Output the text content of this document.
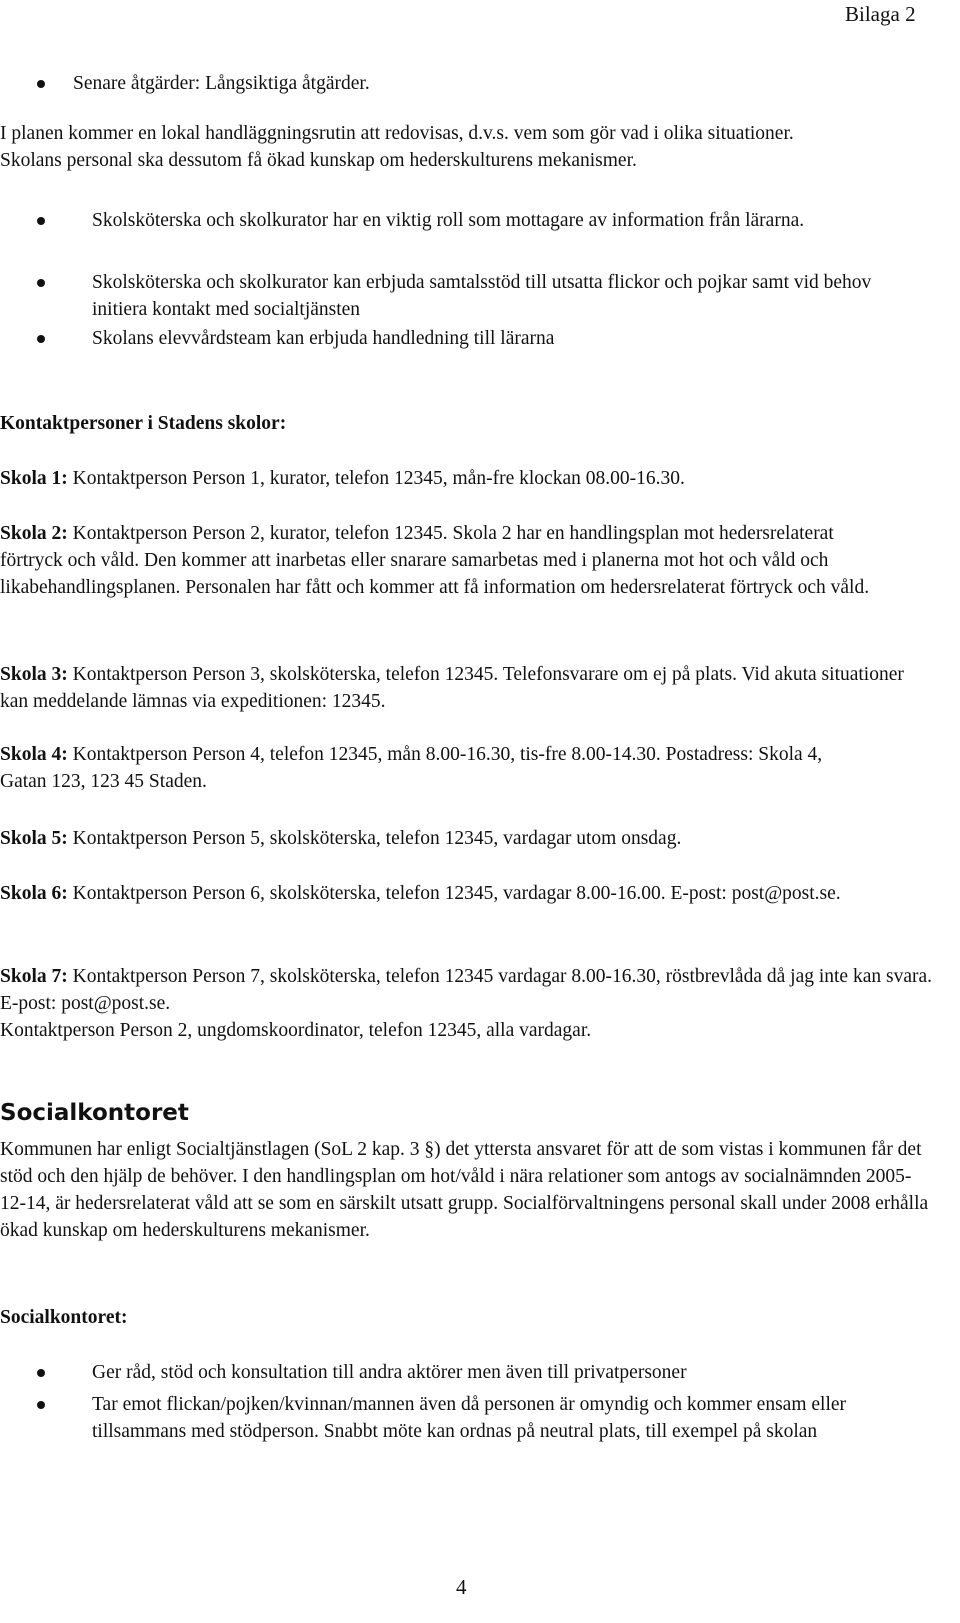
Bilaga 2

Senare åtgärder: Långsiktiga åtgärder.

I planen kommer en lokal handläggningsrutin att redovisas, d.v.s. vem som gör vad i olika situationer. Skolans personal ska dessutom få ökad kunskap om hederskulturens mekanismer.

Skolsköterska och skolkurator har en viktig roll som mottagare av information från lärarna.

Skolsköterska och skolkurator kan erbjuda samtalsstöd till utsatta flickor och pojkar samt vid behov initiera kontakt med socialtjänsten

Skolans elevvårdsteam kan erbjuda handledning till lärarna

Kontaktpersoner i Stadens skolor:

Skola 1: Kontaktperson Person 1, kurator, telefon 12345, mån-fre klockan 08.00-16.30.

Skola 2: Kontaktperson Person 2, kurator, telefon 12345. Skola 2 har en handlingsplan mot hedersrelaterat förtryck och våld. Den kommer att inarbetas eller snarare samarbetas med i planerna mot hot och våld och likabehandlingsplanen. Personalen har fått och kommer att få information om hedersrelaterat förtryck och våld.

Skola 3: Kontaktperson Person 3, skolsköterska, telefon 12345. Telefonsvarare om ej på plats. Vid akuta situationer kan meddelande lämnas via expeditionen: 12345.

Skola 4: Kontaktperson Person 4, telefon 12345, mån 8.00-16.30, tis-fre 8.00-14.30. Postadress: Skola 4, Gatan 123, 123 45 Staden.

Skola 5: Kontaktperson Person 5, skolsköterska, telefon 12345, vardagar utom onsdag.

Skola 6: Kontaktperson Person 6, skolsköterska, telefon 12345, vardagar 8.00-16.00. E-post: post@post.se.

Skola 7: Kontaktperson Person 7, skolsköterska, telefon 12345 vardagar 8.00-16.30, röstbrevlåda då jag inte kan svara. E-post: post@post.se.

Kontaktperson Person 2, ungdomskoordinator, telefon 12345, alla vardagar.

Socialkontoret

Kommunen har enligt Socialtjänstlagen (SoL 2 kap. 3 §) det yttersta ansvaret för att de som vistas i kommunen får det stöd och den hjälp de behöver. I den handlingsplan om hot/våld i nära relationer som antogs av socialnämnden 2005-12-14, är hedersrelaterat våld att se som en särskilt utsatt grupp. Socialförvaltningens personal skall under 2008 erhålla ökad kunskap om hederskulturens mekanismer.

Socialkontoret:

Ger råd, stöd och konsultation till andra aktörer men även till privatpersoner

Tar emot flickan/pojken/kvinnan/mannen även då personen är omyndig och kommer ensam eller tillsammans med stödperson. Snabbt möte kan ordnas på neutral plats, till exempel på skolan

4
